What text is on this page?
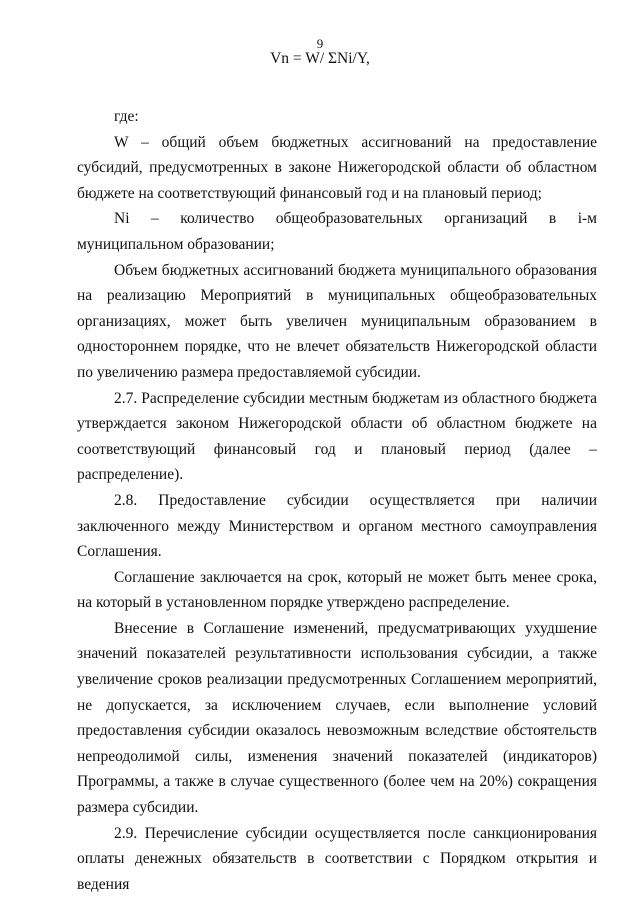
9
Vn = W/ ΣNi/Y,

где:

W – общий объем бюджетных ассигнований на предоставление субсидий, предусмотренных в законе Нижегородской области об областном бюджете на соответствующий финансовый год и на плановый период;

Ni – количество общеобразовательных организаций в i-м муниципальном образовании;

Объем бюджетных ассигнований бюджета муниципального образования на реализацию Мероприятий в муниципальных общеобразовательных организациях, может быть увеличен муниципальным образованием в одностороннем порядке, что не влечет обязательств Нижегородской области по увеличению размера предоставляемой субсидии.

2.7. Распределение субсидии местным бюджетам из областного бюджета утверждается законом Нижегородской области об областном бюджете на соответствующий финансовый год и плановый период (далее – распределение).

2.8. Предоставление субсидии осуществляется при наличии заключенного между Министерством и органом местного самоуправления Соглашения.

Соглашение заключается на срок, который не может быть менее срока, на который в установленном порядке утверждено распределение.

Внесение в Соглашение изменений, предусматривающих ухудшение значений показателей результативности использования субсидии, а также увеличение сроков реализации предусмотренных Соглашением мероприятий, не допускается, за исключением случаев, если выполнение условий предоставления субсидии оказалось невозможным вследствие обстоятельств непреодолимой силы, изменения значений показателей (индикаторов) Программы, а также в случае существенного (более чем на 20%) сокращения размера субсидии.

2.9. Перечисление субсидии осуществляется после санкционирования оплаты денежных обязательств в соответствии с Порядком открытия и ведения
